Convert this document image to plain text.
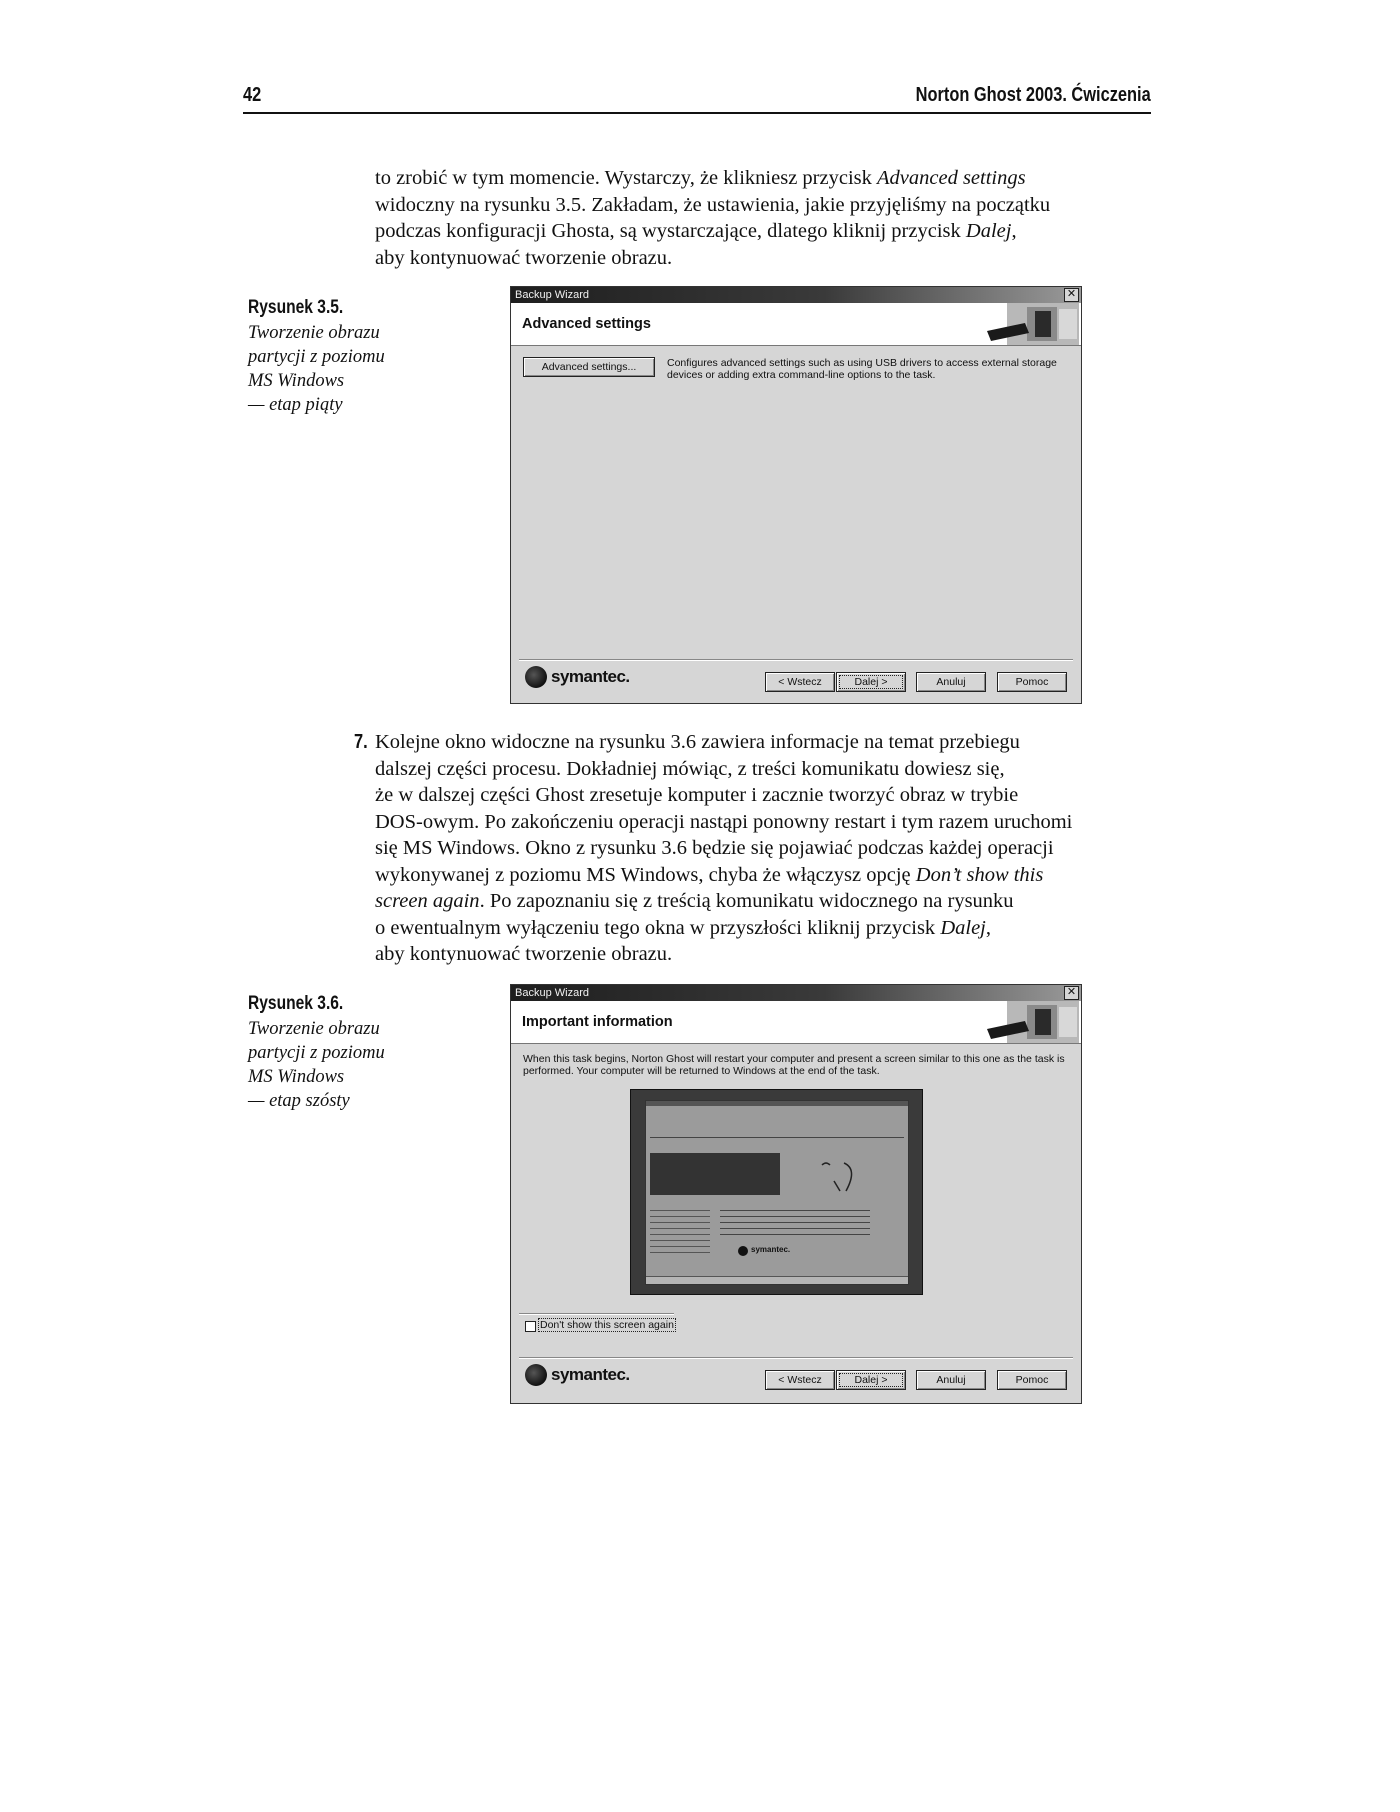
42	Norton Ghost 2003. Ćwiczenia
to zrobić w tym momencie. Wystarczy, że klikniesz przycisk Advanced settings
widoczny na rysunku 3.5. Zakładam, że ustawienia, jakie przyjęliśmy na początku
podczas konfiguracji Ghosta, są wystarczające, dlatego kliknij przycisk Dalej,
aby kontynuować tworzenie obrazu.
Rysunek 3.5.
Tworzenie obrazu
partycji z poziomu
MS Windows
— etap piąty
Backup Wizard	✕
Advanced settings
Advanced settings...	Configures advanced settings such as using USB drivers to access external storage
devices or adding extra command-line options to the task.
symantec.	< Wstecz	Dalej >	Anuluj	Pomoc
7. Kolejne okno widoczne na rysunku 3.6 zawiera informacje na temat przebiegu
dalszej części procesu. Dokładniej mówiąc, z treści komunikatu dowiesz się,
że w dalszej części Ghost zresetuje komputer i zacznie tworzyć obraz w trybie
DOS-owym. Po zakończeniu operacji nastąpi ponowny restart i tym razem uruchomi
się MS Windows. Okno z rysunku 3.6 będzie się pojawiać podczas każdej operacji
wykonywanej z poziomu MS Windows, chyba że włączysz opcję Don’t show this
screen again. Po zapoznaniu się z treścią komunikatu widocznego na rysunku
o ewentualnym wyłączeniu tego okna w przyszłości kliknij przycisk Dalej,
aby kontynuować tworzenie obrazu.
Rysunek 3.6.
Tworzenie obrazu
partycji z poziomu
MS Windows
— etap szósty
Backup Wizard	✕
Important information
When this task begins, Norton Ghost will restart your computer and present a screen similar to this one as the task is
performed. Your computer will be returned to Windows at the end of the task.
symantec.
Don't show this screen again
symantec.	< Wstecz	Dalej >	Anuluj	Pomoc
